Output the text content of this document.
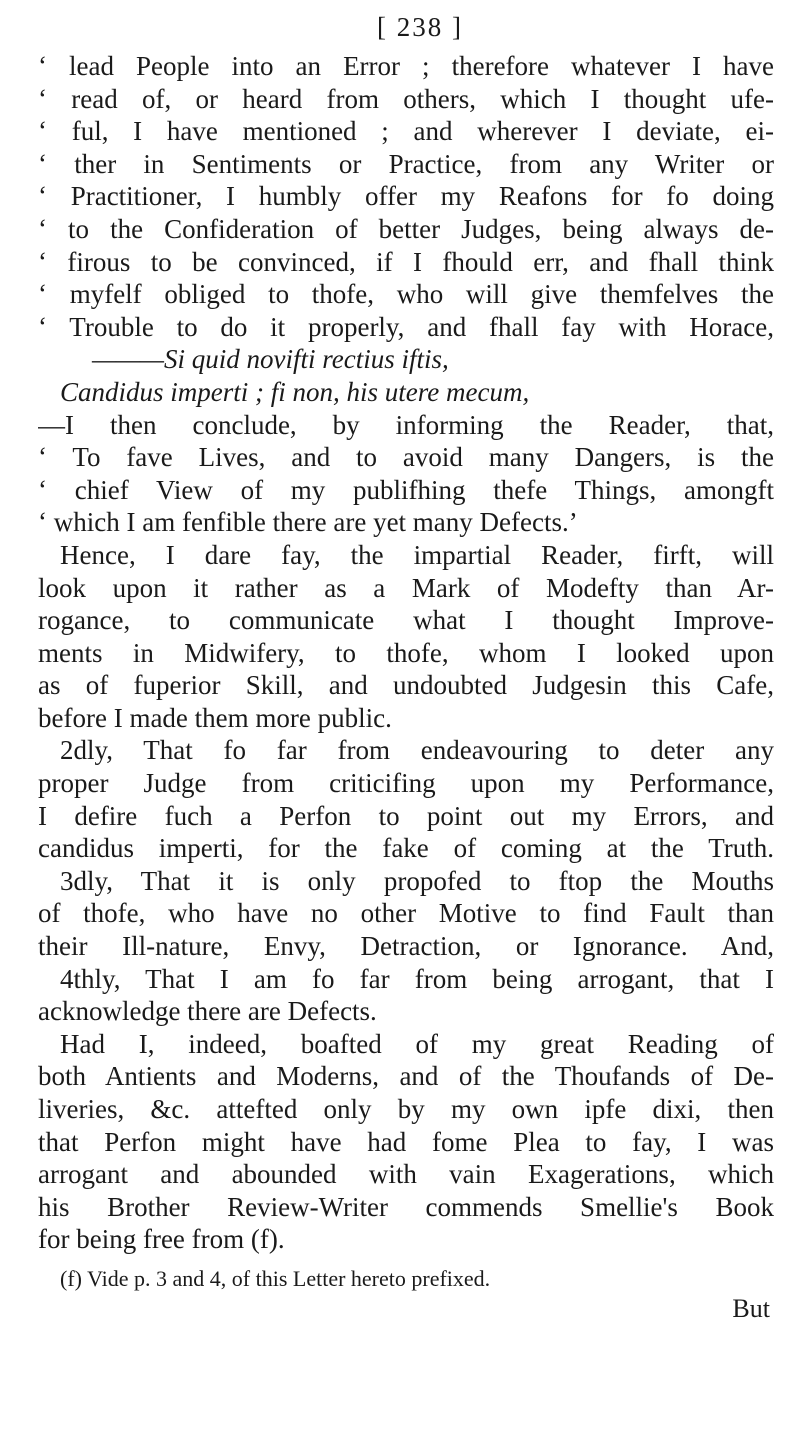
[ 238 ]
‘ lead People into an Error ; therefore whatever I have
‘ read of, or heard from others, which I thought ufe-
‘ ful, I have mentioned ; and wherever I deviate, ei-
‘ ther in Sentiments or Practice, from any Writer or
‘ Practitioner, I humbly offer my Reafons for fo doing
‘ to the Confideration of better Judges, being always de-
‘ firous to be convinced, if I fhould err, and fhall think
‘ myfelf obliged to thofe, who will give themfelves the
‘ Trouble to do it properly, and fhall fay with Horace,
———Si quid novifti rectius iftis,
Candidus imperti ; fi non, his utere mecum,
—I then conclude, by informing the Reader, that,
‘ To fave Lives, and to avoid many Dangers, is the
‘ chief View of my publifhing thefe Things, amongft
‘ which I am fenfible there are yet many Defects.’
Hence, I dare fay, the impartial Reader, firft, will
look upon it rather as a Mark of Modefty than Ar-
rogance, to communicate what I thought Improve-
ments in Midwifery, to thofe, whom I looked upon
as of fuperior Skill, and undoubted Judgesin this Cafe,
before I made them more public.
2dly, That fo far from endeavouring to deter any
proper Judge from criticifing upon my Performance,
I defire fuch a Perfon to point out my Errors, and
candidus imperti, for the fake of coming at the Truth.
3dly, That it is only propofed to ftop the Mouths
of thofe, who have no other Motive to find Fault than
their Ill-nature, Envy, Detraction, or Ignorance. And,
4thly, That I am fo far from being arrogant, that I
acknowledge there are Defects.
Had I, indeed, boafted of my great Reading of
both Antients and Moderns, and of the Thoufands of De-
liveries, &c. attefted only by my own ipfe dixi, then
that Perfon might have had fome Plea to fay, I was
arrogant and abounded with vain Exagerations, which
his Brother Review-Writer commends Smellie's Book
for being free from (f).
(f) Vide p. 3 and 4, of this Letter hereto prefixed.
But
